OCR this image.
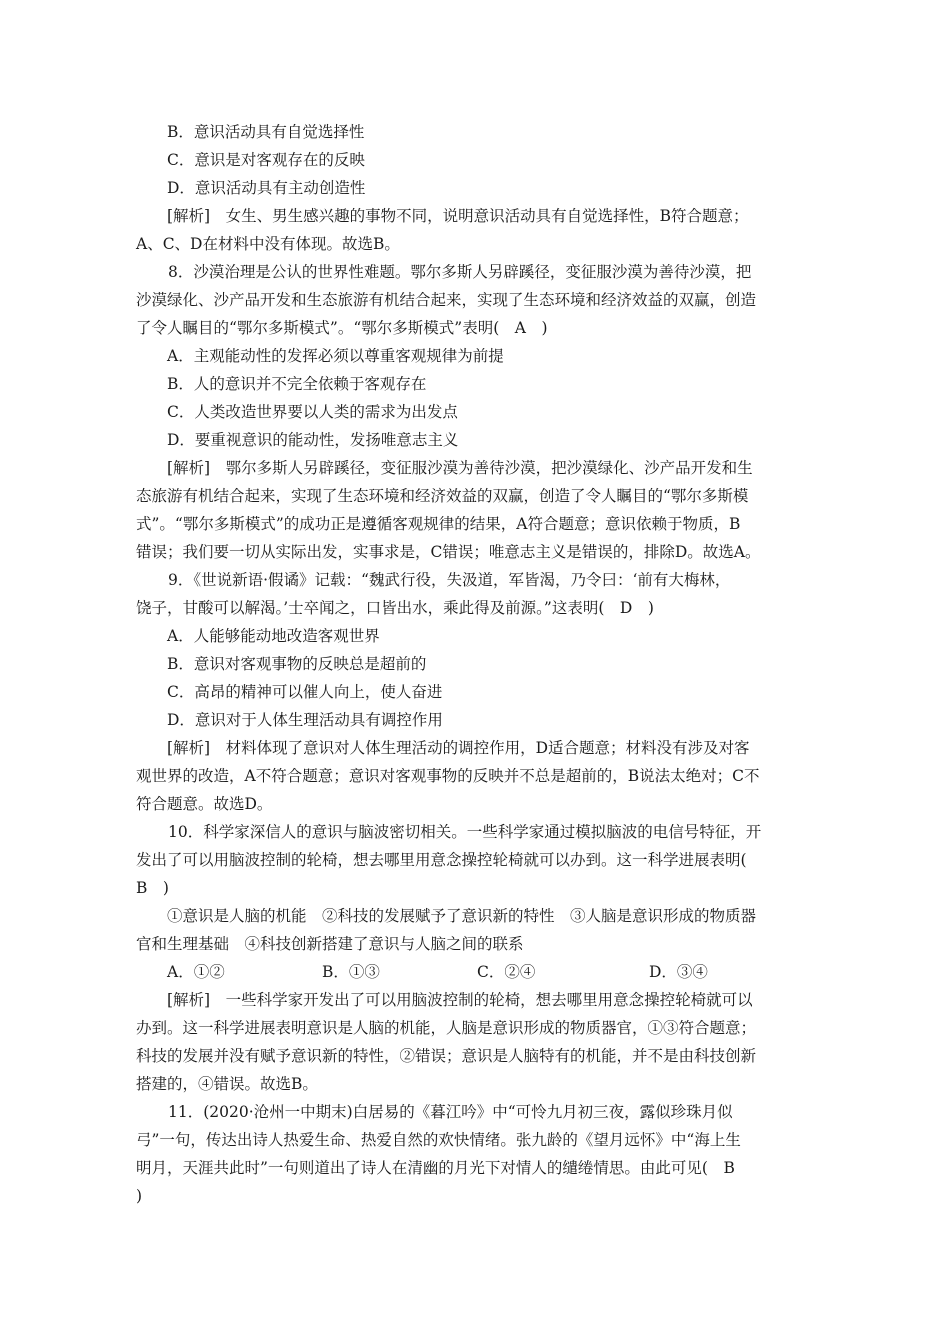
B．意识活动具有自觉选择性
C．意识是对客观存在的反映
D．意识活动具有主动创造性
[解析]　女生、男生感兴趣的事物不同，说明意识活动具有自觉选择性，B符合题意；
A、C、D在材料中没有体现。故选B。
8．沙漠治理是公认的世界性难题。鄂尔多斯人另辟蹊径，变征服沙漠为善待沙漠，把
沙漠绿化、沙产品开发和生态旅游有机结合起来，实现了生态环境和经济效益的双赢，创造
了令人瞩目的“鄂尔多斯模式”。“鄂尔多斯模式”表明(　A　)
A．主观能动性的发挥必须以尊重客观规律为前提
B．人的意识并不完全依赖于客观存在
C．人类改造世界要以人类的需求为出发点
D．要重视意识的能动性，发扬唯意志主义
[解析]　鄂尔多斯人另辟蹊径，变征服沙漠为善待沙漠，把沙漠绿化、沙产品开发和生
态旅游有机结合起来，实现了生态环境和经济效益的双赢，创造了令人瞩目的“鄂尔多斯模
式”。“鄂尔多斯模式”的成功正是遵循客观规律的结果，A符合题意；意识依赖于物质，B
错误；我们要一切从实际出发，实事求是，C错误；唯意志主义是错误的，排除D。故选A。
9．《世说新语·假谲》记载：“魏武行役，失汲道，军皆渴，乃令曰：‘前有大梅林，
饶子，甘酸可以解渴。’士卒闻之，口皆出水，乘此得及前源。”这表明(　D　)
A．人能够能动地改造客观世界
B．意识对客观事物的反映总是超前的
C．高昂的精神可以催人向上，使人奋进
D．意识对于人体生理活动具有调控作用
[解析]　材料体现了意识对人体生理活动的调控作用，D适合题意；材料没有涉及对客
观世界的改造，A不符合题意；意识对客观事物的反映并不总是超前的，B说法太绝对；C不
符合题意。故选D。
10．科学家深信人的意识与脑波密切相关。一些科学家通过模拟脑波的电信号特征，开
发出了可以用脑波控制的轮椅，想去哪里用意念操控轮椅就可以办到。这一科学进展表明(
B　)
①意识是人脑的机能　②科技的发展赋予了意识新的特性　③人脑是意识形成的物质器
官和生理基础　④科技创新搭建了意识与人脑之间的联系
A．①②	B．①③	C．②④	D．③④
[解析]　一些科学家开发出了可以用脑波控制的轮椅，想去哪里用意念操控轮椅就可以
办到。这一科学进展表明意识是人脑的机能，人脑是意识形成的物质器官，①③符合题意；
科技的发展并没有赋予意识新的特性，②错误；意识是人脑特有的机能，并不是由科技创新
搭建的，④错误。故选B。
11．(2020·沧州一中期末)白居易的《暮江吟》中“可怜九月初三夜，露似珍珠月似
弓”一句，传达出诗人热爱生命、热爱自然的欢快情绪。张九龄的《望月远怀》中“海上生
明月，天涯共此时”一句则道出了诗人在清幽的月光下对情人的缱绻情思。由此可见(　B
)
